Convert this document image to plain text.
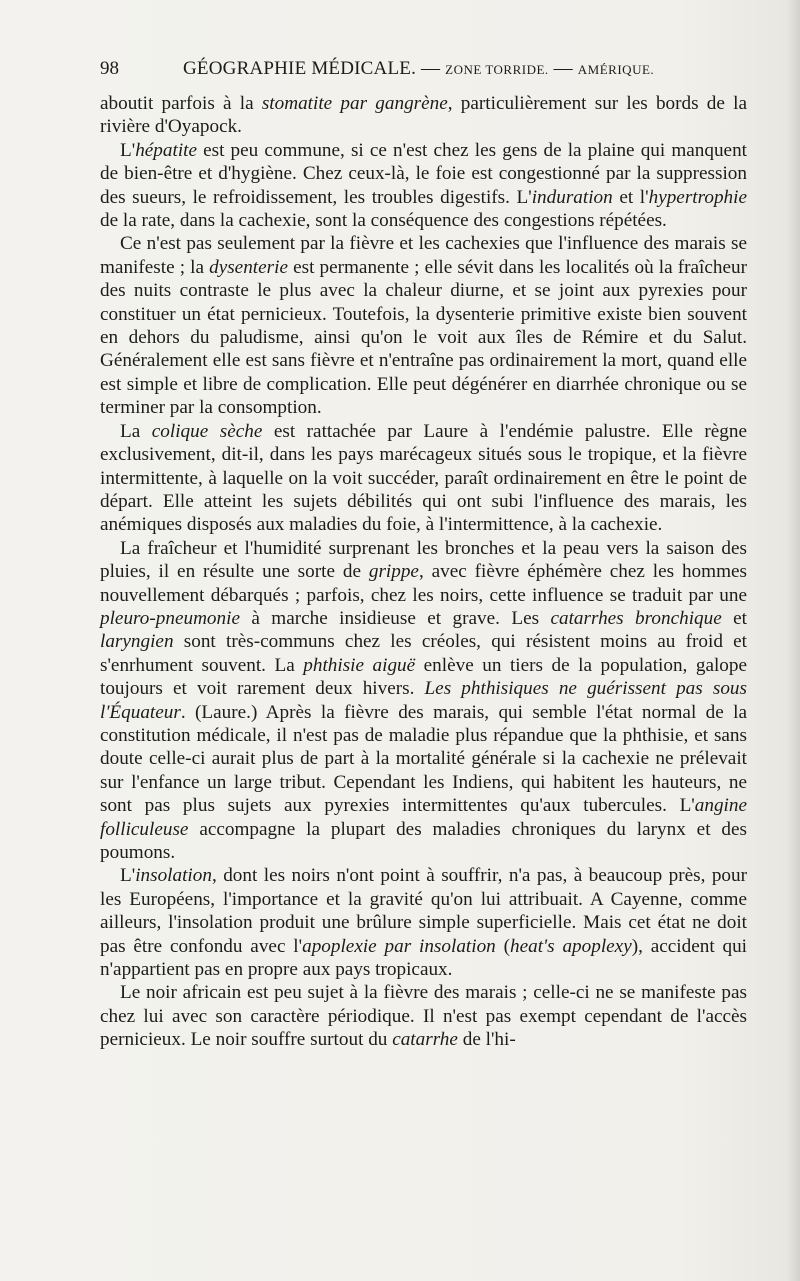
98	GÉOGRAPHIE MÉDICALE. — ZONE TORRIDE. — AMÉRIQUE.

aboutit parfois à la stomatite par gangrène, particulièrement sur les bords de la rivière d'Oyapock.

L'hépatite est peu commune, si ce n'est chez les gens de la plaine qui manquent de bien-être et d'hygiène. Chez ceux-là, le foie est congestionné par la suppression des sueurs, le refroidissement, les troubles digestifs. L'induration et l'hypertrophie de la rate, dans la cachexie, sont la conséquence des congestions répétées.

Ce n'est pas seulement par la fièvre et les cachexies que l'influence des marais se manifeste ; la dysenterie est permanente ; elle sévit dans les localités où la fraîcheur des nuits contraste le plus avec la chaleur diurne, et se joint aux pyrexies pour constituer un état pernicieux. Toutefois, la dysenterie primitive existe bien souvent en dehors du paludisme, ainsi qu'on le voit aux îles de Rémire et du Salut. Généralement elle est sans fièvre et n'entraîne pas ordinairement la mort, quand elle est simple et libre de complication. Elle peut dégénérer en diarrhée chronique ou se terminer par la consomption.

La colique sèche est rattachée par Laure à l'endémie palustre. Elle règne exclusivement, dit-il, dans les pays marécageux situés sous le tropique, et la fièvre intermittente, à laquelle on la voit succéder, paraît ordinairement en être le point de départ. Elle atteint les sujets débilités qui ont subi l'influence des marais, les anémiques disposés aux maladies du foie, à l'intermittence, à la cachexie.

La fraîcheur et l'humidité surprenant les bronches et la peau vers la saison des pluies, il en résulte une sorte de grippe, avec fièvre éphémère chez les hommes nouvellement débarqués ; parfois, chez les noirs, cette influence se traduit par une pleuro-pneumonie à marche insidieuse et grave. Les catarrhes bronchique et laryngien sont très-communs chez les créoles, qui résistent moins au froid et s'enrhument souvent. La phthisie aiguë enlève un tiers de la population, galope toujours et voit rarement deux hivers. Les phthisiques ne guérissent pas sous l'Équateur. (Laure.) Après la fièvre des marais, qui semble l'état normal de la constitution médicale, il n'est pas de maladie plus répandue que la phthisie, et sans doute celle-ci aurait plus de part à la mortalité générale si la cachexie ne prélevait sur l'enfance un large tribut. Cependant les Indiens, qui habitent les hauteurs, ne sont pas plus sujets aux pyrexies intermittentes qu'aux tubercules. L'angine folliculeuse accompagne la plupart des maladies chroniques du larynx et des poumons.

L'insolation, dont les noirs n'ont point à souffrir, n'a pas, à beaucoup près, pour les Européens, l'importance et la gravité qu'on lui attribuait. A Cayenne, comme ailleurs, l'insolation produit une brûlure simple superficielle. Mais cet état ne doit pas être confondu avec l'apoplexie par insolation (heat's apoplexy), accident qui n'appartient pas en propre aux pays tropicaux.

Le noir africain est peu sujet à la fièvre des marais ; celle-ci ne se manifeste pas chez lui avec son caractère périodique. Il n'est pas exempt cependant de l'accès pernicieux. Le noir souffre surtout du catarrhe de l'hi-
